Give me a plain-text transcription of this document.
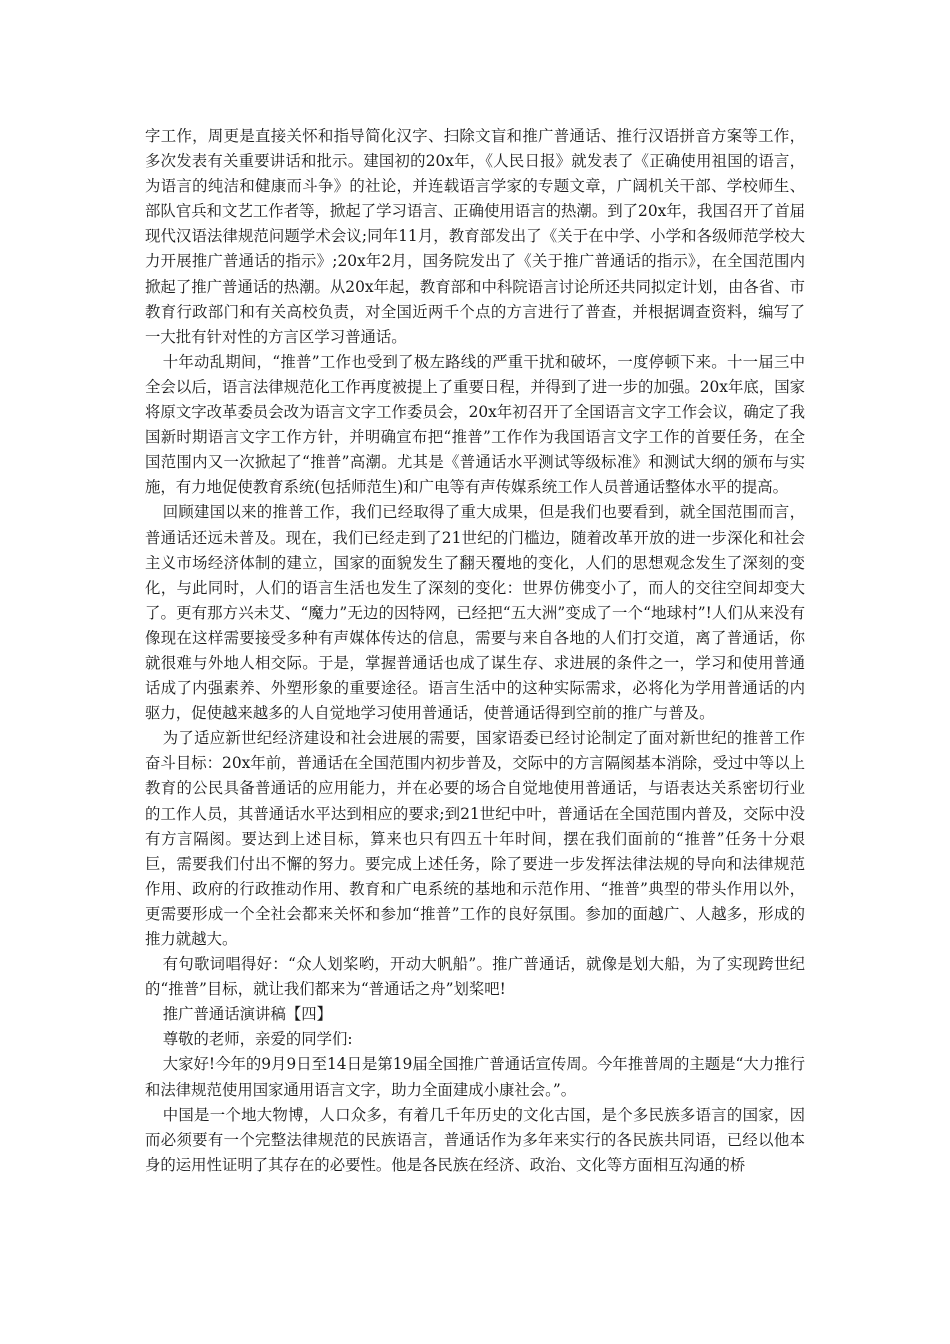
字工作，周更是直接关怀和指导简化汉字、扫除文盲和推广普通话、推行汉语拼音方案等工作，多次发表有关重要讲话和批示。建国初的20x年，《人民日报》就发表了《正确使用祖国的语言，为语言的纯洁和健康而斗争》的社论，并连载语言学家的专题文章，广阔机关干部、学校师生、部队官兵和文艺工作者等，掀起了学习语言、正确使用语言的热潮。到了20x年，我国召开了首届现代汉语法律规范问题学术会议;同年11月，教育部发出了《关于在中学、小学和各级师范学校大力开展推广普通话的指示》;20x年2月，国务院发出了《关于推广普通话的指示》，在全国范围内掀起了推广普通话的热潮。从20x年起，教育部和中科院语言讨论所还共同拟定计划，由各省、市教育行政部门和有关高校负责，对全国近两千个点的方言进行了普查，并根据调查资料，编写了一大批有针对性的方言区学习普通话。

十年动乱期间，“推普”工作也受到了极左路线的严重干扰和破坏，一度停顿下来。十一届三中全会以后，语言法律规范化工作再度被提上了重要日程，并得到了进一步的加强。20x年底，国家将原文字改革委员会改为语言文字工作委员会，20x年初召开了全国语言文字工作会议，确定了我国新时期语言文字工作方针，并明确宣布把“推普”工作作为我国语言文字工作的首要任务，在全国范围内又一次掀起了“推普”高潮。尤其是《普通话水平测试等级标准》和测试大纲的颁布与实施，有力地促使教育系统(包括师范生)和广电等有声传媒系统工作人员普通话整体水平的提高。

回顾建国以来的推普工作，我们已经取得了重大成果，但是我们也要看到，就全国范围而言，普通话还远未普及。现在，我们已经走到了21世纪的门槛边，随着改革开放的进一步深化和社会主义市场经济体制的建立，国家的面貌发生了翻天覆地的变化，人们的思想观念发生了深刻的变化，与此同时，人们的语言生活也发生了深刻的变化：世界仿佛变小了，而人的交往空间却变大了。更有那方兴未艾、“魔力”无边的因特网，已经把“五大洲”变成了一个“地球村”!人们从来没有像现在这样需要接受多种有声媒体传达的信息，需要与来自各地的人们打交道，离了普通话，你就很难与外地人相交际。于是，掌握普通话也成了谋生存、求进展的条件之一，学习和使用普通话成了内强素养、外塑形象的重要途径。语言生活中的这种实际需求，必将化为学用普通话的内驱力，促使越来越多的人自觉地学习使用普通话，使普通话得到空前的推广与普及。

为了适应新世纪经济建设和社会进展的需要，国家语委已经讨论制定了面对新世纪的推普工作奋斗目标：20x年前，普通话在全国范围内初步普及，交际中的方言隔阂基本消除，受过中等以上教育的公民具备普通话的应用能力，并在必要的场合自觉地使用普通话，与语表达关系密切行业的工作人员，其普通话水平达到相应的要求;到21世纪中叶，普通话在全国范围内普及，交际中没有方言隔阂。要达到上述目标，算来也只有四五十年时间，摆在我们面前的“推普”任务十分艰巨，需要我们付出不懈的努力。要完成上述任务，除了要进一步发挥法律法规的导向和法律规范作用、政府的行政推动作用、教育和广电系统的基地和示范作用、“推普”典型的带头作用以外，更需要形成一个全社会都来关怀和参加“推普”工作的良好氛围。参加的面越广、人越多，形成的推力就越大。

有句歌词唱得好：“众人划桨哟，开动大帆船”。推广普通话，就像是划大船，为了实现跨世纪的“推普”目标，就让我们都来为“普通话之舟”划桨吧!

推广普通话演讲稿【四】

尊敬的老师，亲爱的同学们:

大家好!今年的9月9日至14日是第19届全国推广普通话宣传周。今年推普周的主题是“大力推行和法律规范使用国家通用语言文字，助力全面建成小康社会。”。

中国是一个地大物博，人口众多，有着几千年历史的文化古国，是个多民族多语言的国家，因而必须要有一个完整法律规范的民族语言，普通话作为多年来实行的各民族共同语，已经以他本身的运用性证明了其存在的必要性。他是各民族在经济、政治、文化等方面相互沟通的桥
